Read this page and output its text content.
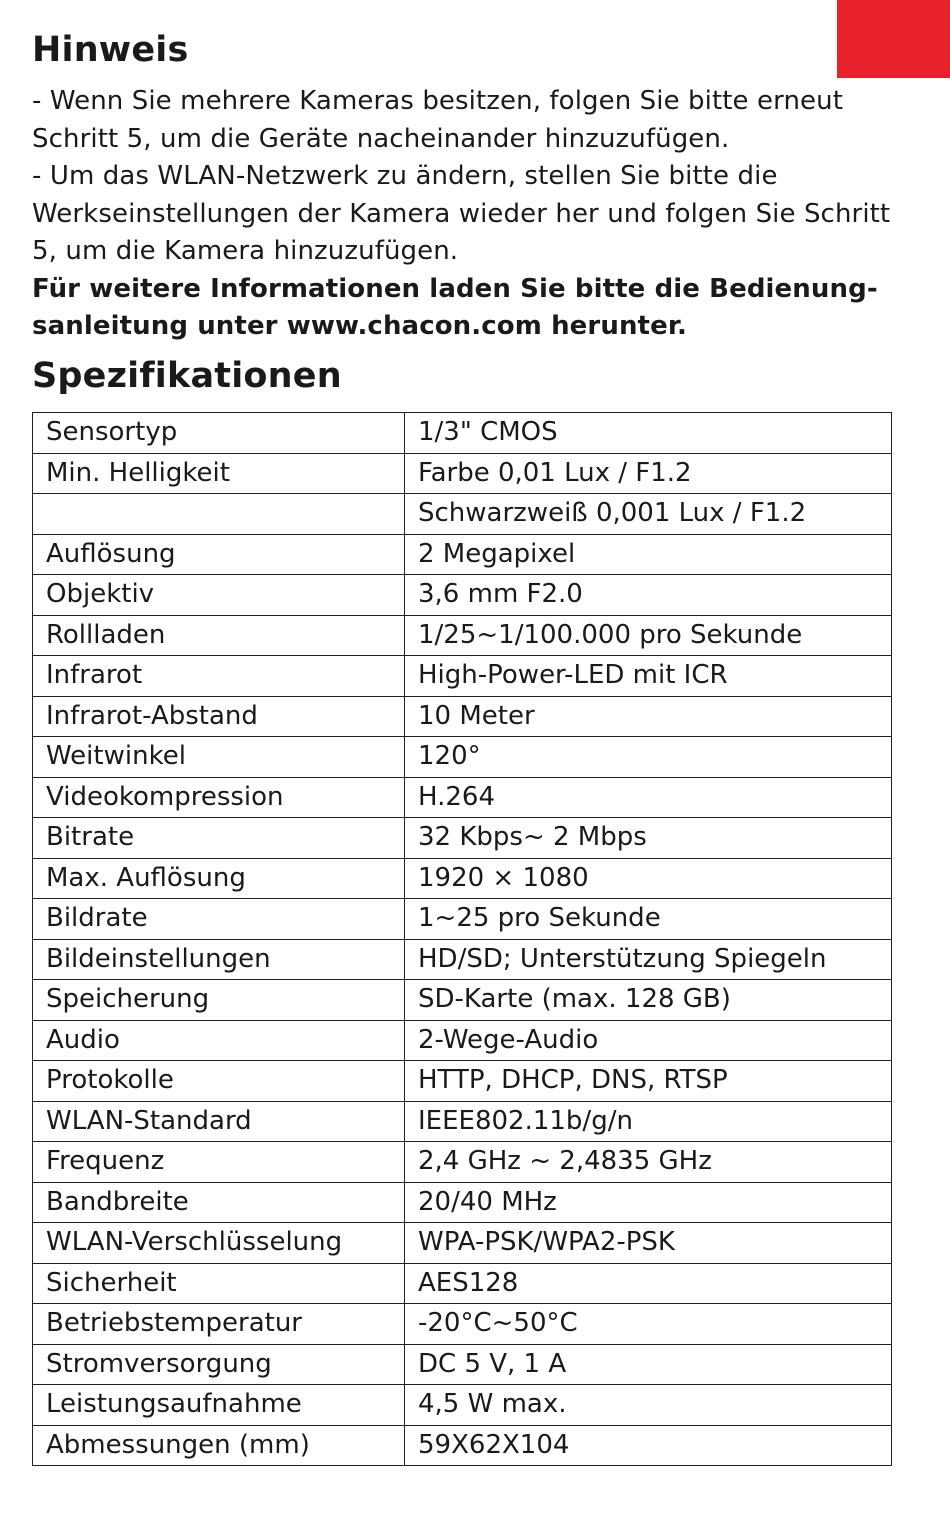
Hinweis

- Wenn Sie mehrere Kameras besitzen, folgen Sie bitte erneut Schritt 5, um die Geräte nacheinander hinzuzufügen.

- Um das WLAN-Netzwerk zu ändern, stellen Sie bitte die Werkseinstellungen der Kamera wieder her und folgen Sie Schritt 5, um die Kamera hinzuzufügen.

Für weitere Informationen laden Sie bitte die Bedienung-sanleitung unter www.chacon.com herunter.

Spezifikationen
Sensortyp	1/3" CMOS
Min. Helligkeit	Farbe 0,01 Lux / F1.2
	Schwarzweiß 0,001 Lux / F1.2
Auflösung	2 Megapixel
Objektiv	3,6 mm F2.0
Rollladen	1/25~1/100.000 pro Sekunde
Infrarot	High-Power-LED mit ICR
Infrarot-Abstand	10 Meter
Weitwinkel	120°
Videokompression	H.264
Bitrate	32 Kbps~ 2 Mbps
Max. Auflösung	1920 × 1080
Bildrate	1~25 pro Sekunde
Bildeinstellungen	HD/SD; Unterstützung Spiegeln
Speicherung	SD-Karte (max. 128 GB)
Audio	2-Wege-Audio
Protokolle	HTTP, DHCP, DNS, RTSP
WLAN-Standard	IEEE802.11b/g/n
Frequenz	2,4 GHz ~ 2,4835 GHz
Bandbreite	20/40 MHz
WLAN-Verschlüsselung	WPA-PSK/WPA2-PSK
Sicherheit	AES128
Betriebstemperatur	-20°C~50°C
Stromversorgung	DC 5 V, 1 A
Leistungsaufnahme	4,5 W max.
Abmessungen (mm)	59X62X104
